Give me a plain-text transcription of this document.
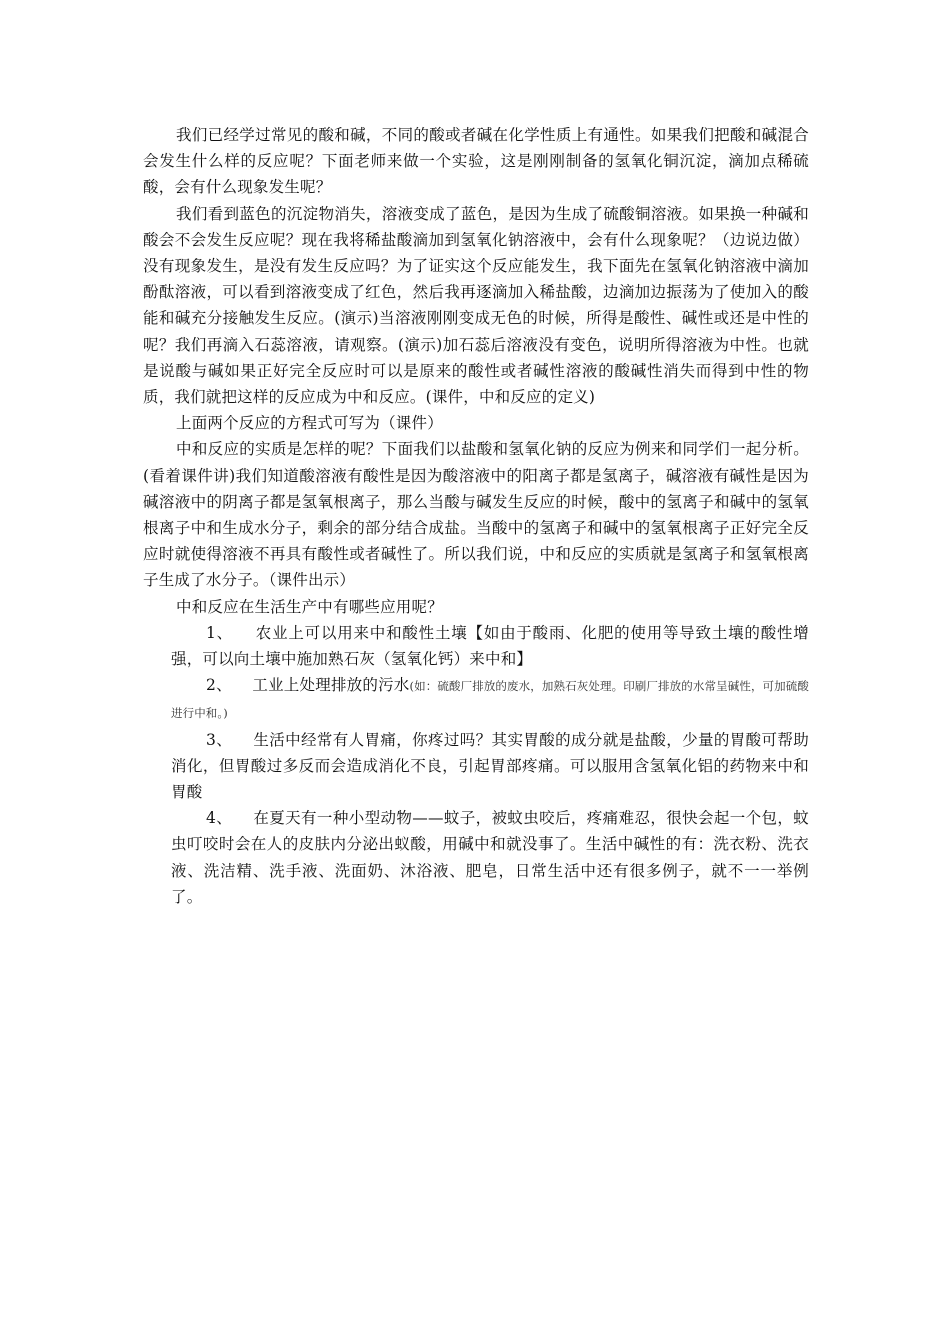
我们已经学过常见的酸和碱，不同的酸或者碱在化学性质上有通性。如果我们把酸和碱混合会发生什么样的反应呢？下面老师来做一个实验，这是刚刚制备的氢氧化铜沉淀，滴加点稀硫酸，会有什么现象发生呢？

我们看到蓝色的沉淀物消失，溶液变成了蓝色，是因为生成了硫酸铜溶液。如果换一种碱和酸会不会发生反应呢？现在我将稀盐酸滴加到氢氧化钠溶液中，会有什么现象呢？（边说边做）没有现象发生，是没有发生反应吗？为了证实这个反应能发生，我下面先在氢氧化钠溶液中滴加酚酞溶液，可以看到溶液变成了红色，然后我再逐滴加入稀盐酸，边滴加边振荡为了使加入的酸能和碱充分接触发生反应。(演示)当溶液刚刚变成无色的时候，所得是酸性、碱性或还是中性的呢？我们再滴入石蕊溶液，请观察。(演示)加石蕊后溶液没有变色，说明所得溶液为中性。也就是说酸与碱如果正好完全反应时可以是原来的酸性或者碱性溶液的酸碱性消失而得到中性的物质，我们就把这样的反应成为中和反应。(课件，中和反应的定义)

上面两个反应的方程式可写为（课件）

中和反应的实质是怎样的呢？下面我们以盐酸和氢氧化钠的反应为例来和同学们一起分析。(看着课件讲)我们知道酸溶液有酸性是因为酸溶液中的阳离子都是氢离子，碱溶液有碱性是因为碱溶液中的阴离子都是氢氧根离子，那么当酸与碱发生反应的时候，酸中的氢离子和碱中的氢氧根离子中和生成水分子，剩余的部分结合成盐。当酸中的氢离子和碱中的氢氧根离子正好完全反应时就使得溶液不再具有酸性或者碱性了。所以我们说，中和反应的实质就是氢离子和氢氧根离子生成了水分子。（课件出示）

中和反应在生活生产中有哪些应用呢？

1、 农业上可以用来中和酸性土壤【如由于酸雨、化肥的使用等导致土壤的酸性增强，可以向土壤中施加熟石灰（氢氧化钙）来中和】

2、 工业上处理排放的污水(如：硫酸厂排放的废水，加熟石灰处理。印刷厂排放的水常呈碱性，可加硫酸进行中和。)

3、 生活中经常有人胃痛，你疼过吗？其实胃酸的成分就是盐酸，少量的胃酸可帮助消化，但胃酸过多反而会造成消化不良，引起胃部疼痛。可以服用含氢氧化铝的药物来中和胃酸

4、 在夏天有一种小型动物——蚊子，被蚊虫咬后，疼痛难忍，很快会起一个包，蚊虫叮咬时会在人的皮肤内分泌出蚁酸，用碱中和就没事了。生活中碱性的有：洗衣粉、洗衣液、洗洁精、洗手液、洗面奶、沐浴液、肥皂，日常生活中还有很多例子，就不一一举例了。
